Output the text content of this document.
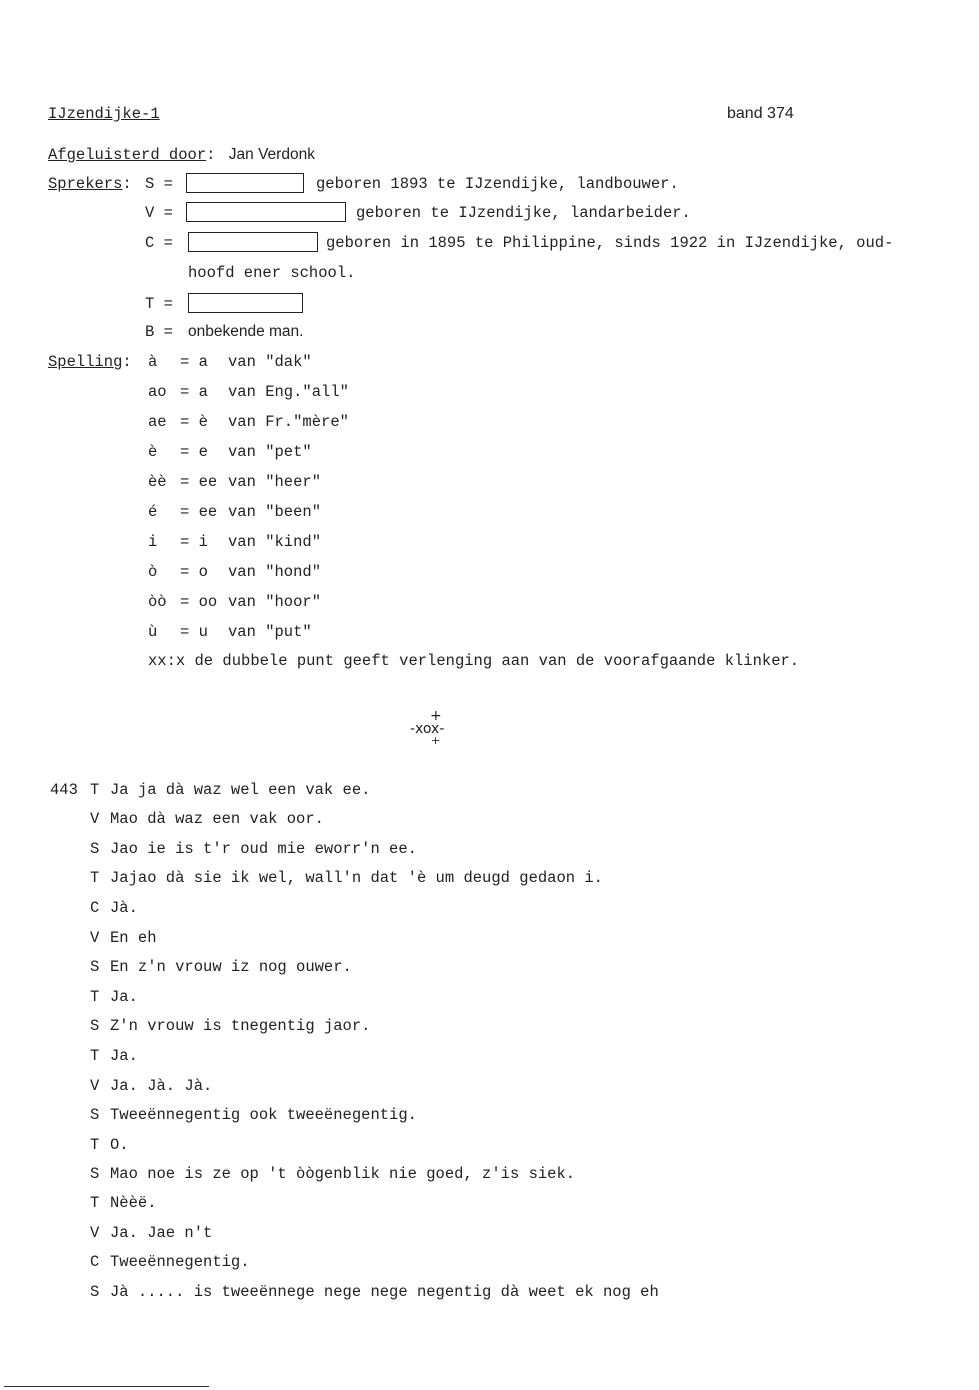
IJzendijke-1	band 374
Afgeluisterd door: Jan Verdonk
Sprekers: S =	geboren 1893 te IJzendijke, landbouwer.
V =	geboren te IJzendijke, landarbeider.
C =	geboren in 1895 te Philippine, sinds 1922 in IJzendijke, oud-
hoofd ener school.
T =
B = onbekende man.
Spelling: à = a van "dak"
ao = a van Eng."all"
ae = è van Fr."mère"
è = e van "pet"
èè = ee van "heer"
é = ee van "been"
i = i van "kind"
ò = o van "hond"
òò = oo van "hoor"
ù = u van "put"
xx:x de dubbele punt geeft verlenging aan van de voorafgaande klinker.
+
-xox-
+
443 T Ja ja dà waz wel een vak ee.
V Mao dà waz een vak oor.
S Jao ie is t'r oud mie eworr'n ee.
T Jajao dà sie ik wel, wall'n dat 'è um deugd gedaon i.
C Jà.
V En eh
S En z'n vrouw iz nog ouwer.
T Ja.
S Z'n vrouw is tnegentig jaor.
T Ja.
V Ja. Jà. Jà.
S Tweeënnegentig ook tweeënegentig.
T O.
S Mao noe is ze op 't òògenblik nie goed, z'is siek.
T Nèèë.
V Ja. Jae n't
C Tweeënnegentig.
S Jà ..... is tweeënnege nege nege negentig dà weet ek nog eh
